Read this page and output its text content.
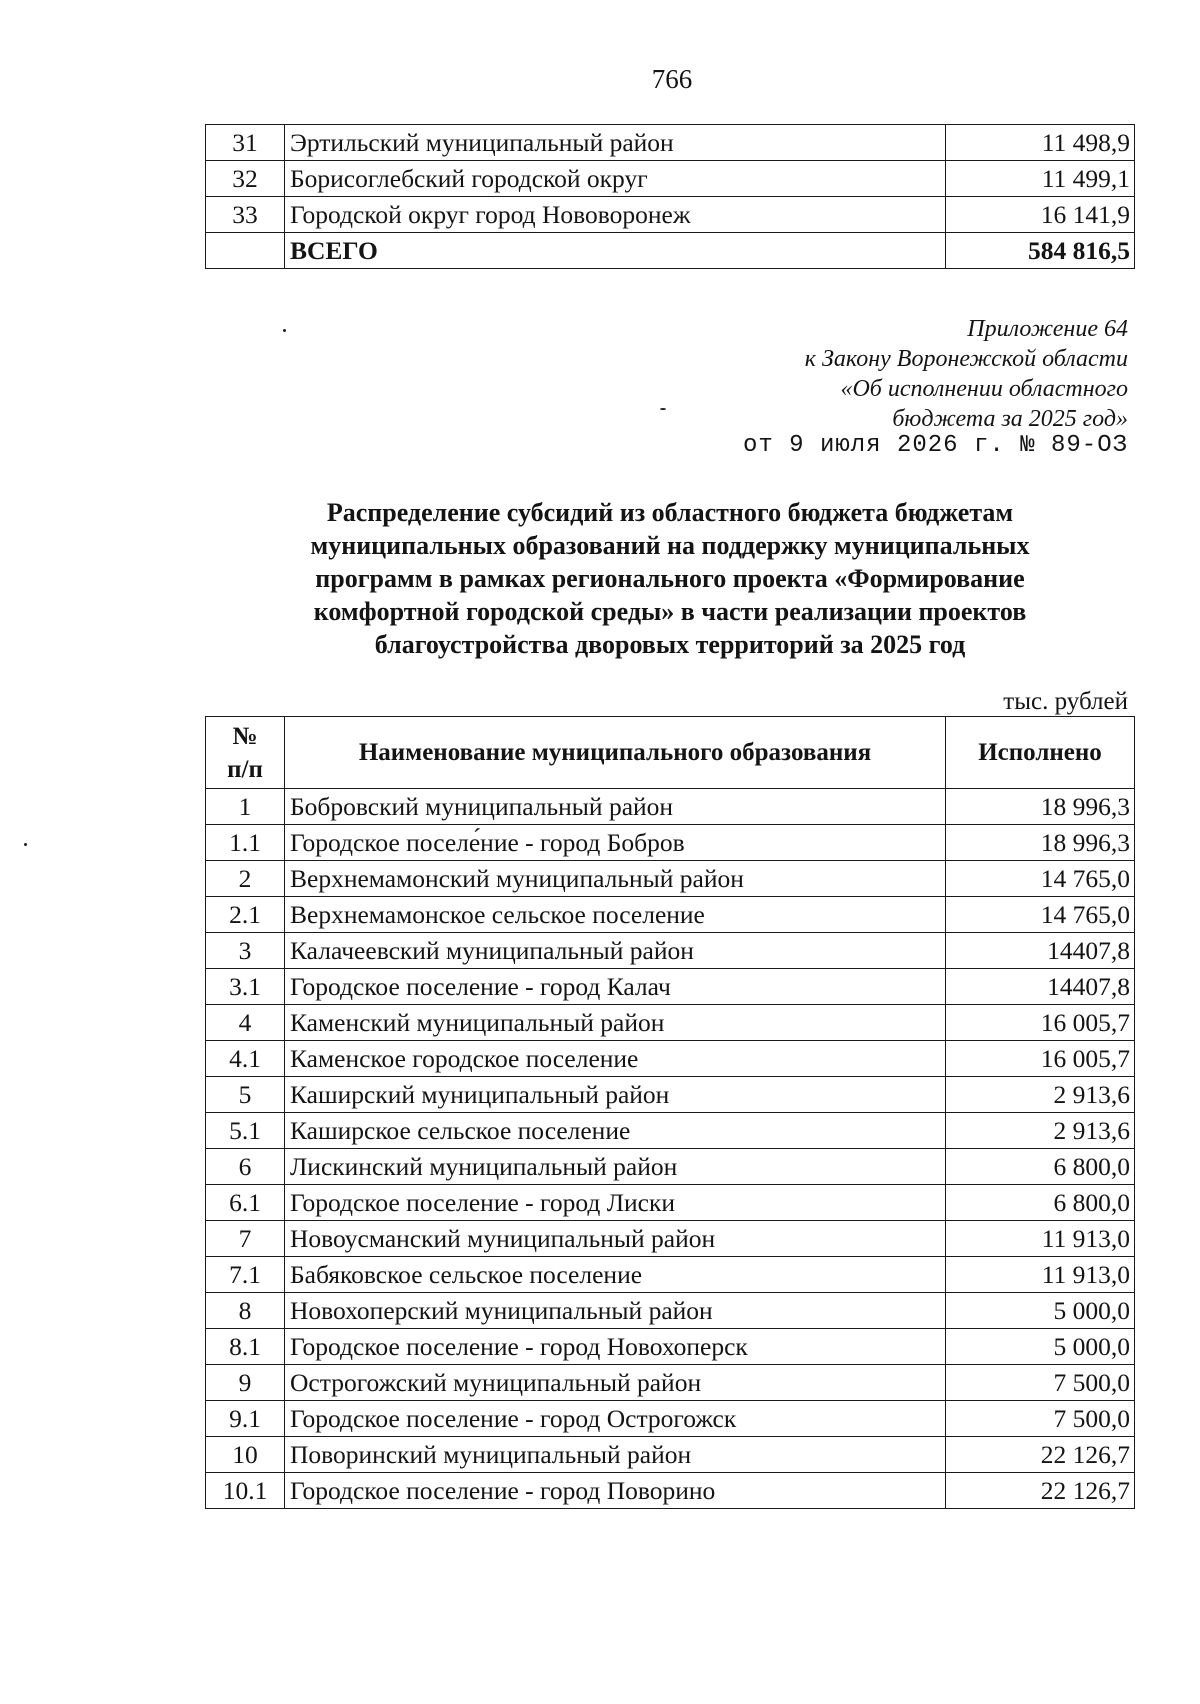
766
31	Эртильский муниципальный район	11 498,9
32	Борисоглебский городской округ	11 499,1
33	Городской округ город Нововоронеж	16 141,9
	ВСЕГО	584 816,5
Приложение 64
к Закону Воронежской области
«Об исполнении областного
бюджета за 2025 год»
от 9 июля 2026 г. № 89-ОЗ
Распределение субсидий из областного бюджета бюджетам
муниципальных образований на поддержку муниципальных
программ в рамках регионального проекта «Формирование
комфортной городской среды» в части реализации проектов
благоустройства дворовых территорий за 2025 год
тыс. рублей
№
п/п	Наименование муниципального образования	Исполнено
1	Бобровский муниципальный район	18 996,3
1.1	Городское поселе́ние - город Бобров	18 996,3
2	Верхнемамонский муниципальный район	14 765,0
2.1	Верхнемамонское сельское поселение	14 765,0
3	Калачеевский муниципальный район	14407,8
3.1	Городское поселение - город Калач	14407,8
4	Каменский муниципальный район	16 005,7
4.1	Каменское городское поселение	16 005,7
5	Каширский муниципальный район	2 913,6
5.1	Каширское сельское поселение	2 913,6
6	Лискинский муниципальный район	6 800,0
6.1	Городское поселение - город Лиски	6 800,0
7	Новоусманский муниципальный район	11 913,0
7.1	Бабяковское сельское поселение	11 913,0
8	Новохоперский муниципальный район	5 000,0
8.1	Городское поселение - город Новохоперск	5 000,0
9	Острогожский муниципальный район	7 500,0
9.1	Городское поселение - город Острогожск	7 500,0
10	Поворинский муниципальный район	22 126,7
10.1	Городское поселение - город Поворино	22 126,7
